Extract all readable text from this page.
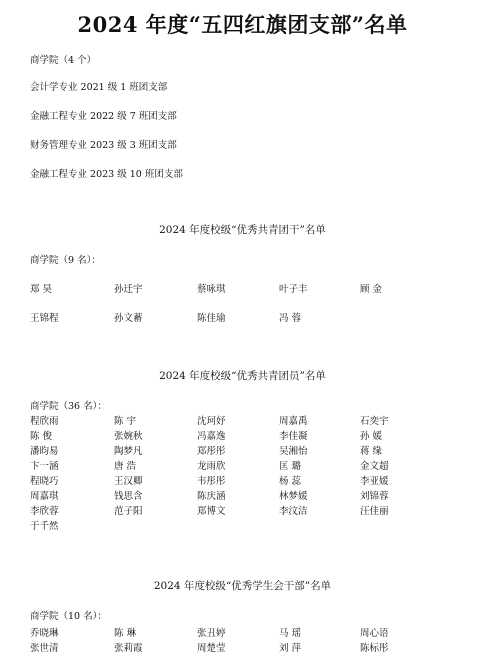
2024 年度“五四红旗团支部”名单
商学院（4 个）
会计学专业 2021 级 1 班团支部
金融工程专业 2022 级 7 班团支部
财务管理专业 2023 级 3 班团支部
金融工程专业 2023 级 10 班团支部
2024 年度校级“优秀共青团干”名单
商学院（9 名）：
郑 昊	孙迁宇	蔡咏琪	叶子丰	顾 金
王锦程	孙文蓄	陈佳瑜	冯 蓉
2024 年度校级“优秀共青团员”名单
商学院（36 名）：
程欣雨	陈 宇	沈珂妤	周嘉禹	石奕宇
陈 俊	张婉秋	冯嘉逸	李佳凝	孙 媛
潘昀易	陶梦凡	郑彤彤	吴湘怡	蒋 缘
卞一涵	唐 浩	龙雨欣	匡 璐	金文超
程晓巧	王汉卿	韦彤彤	杨 蕊	李亚媛
周嘉琪	钱思含	陈庆涵	林梦媛	刘锦蓉
李欣蓉	范子阳	郑博文	李汶洁	汪佳丽
于千然
2024 年度校级“优秀学生会干部”名单
商学院（10 名）：
乔晓琳	陈 琳	张丑婷	马 瑶	周心语
张世清	张莉霞	周楚莹	刘 萍	陈标彤
